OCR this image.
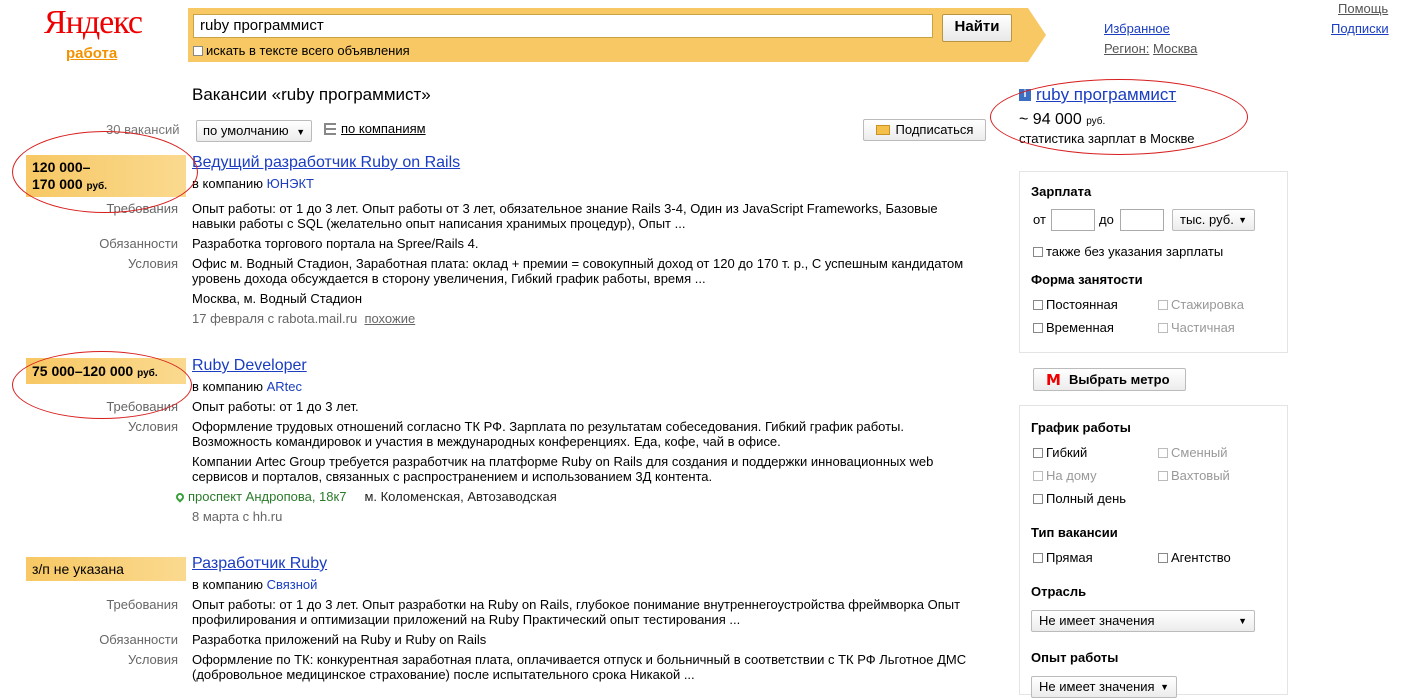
Яндекс
работа
ruby программист	Найти
искать в тексте всего объявления
Избранное
Регион: Москва
Помощь
Подписки
Вакансии «ruby программист»
30 вакансий	по умолчанию ▼	по компаниям	Подписаться
120 000–
170 000 руб.
Ведущий разработчик Ruby on Rails
в компанию ЮНЭКТ
Требования Опыт работы: от 1 до 3 лет. Опыт работы от 3 лет, обязательное знание Rails 3-4, Один из JavaScript Frameworks, Базовые навыки работы с SQL (желательно опыт написания хранимых процедур), Опыт ...
Обязанности Разработка торгового портала на Spree/Rails 4.
Условия Офис м. Водный Стадион, Заработная плата: оклад + премии = совокупный доход от 120 до 170 т. р., С успешным кандидатом уровень дохода обсуждается в сторону увеличения, Гибкий график работы, время ...
Москва, м. Водный Стадион
17 февраля с rabota.mail.ru похожие
75 000–120 000 руб.	Ruby Developer
в компанию ARtec
Требования Опыт работы: от 1 до 3 лет.
Условия Оформление трудовых отношений согласно ТК РФ. Зарплата по результатам собеседования. Гибкий график работы. Возможность командировок и участия в международных конференциях. Еда, кофе, чай в офисе.
Компании Artec Group требуется разработчик на платформе Ruby on Rails для создания и поддержки инновационных web сервисов и порталов, связанных с распространением и использованием 3Д контента.
проспект Андропова, 18к7 м. Коломенская, Автозаводская
8 марта с hh.ru
з/п не указана	Разработчик Ruby
в компанию Связной
Требования Опыт работы: от 1 до 3 лет. Опыт разработки на Ruby on Rails, глубокое понимание внутреннегоустройства фреймворка Опыт профилирования и оптимизации приложений на Ruby Практический опыт тестирования ...
Обязанности Разработка приложений на Ruby и Ruby on Rails
Условия Оформление по ТК: конкурентная заработная плата, оплачивается отпуск и больничный в соответствии с ТК РФ Льготное ДМС (добровольное медицинское страхование) после испытательного срока Никакой ...
i ruby программист
~ 94 000 руб.
статистика зарплат в Москве
Зарплата
от	до	тыс. руб. ▼
также без указания зарплаты
Форма занятости
Постоянная	Стажировка
Временная	Частичная
М Выбрать метро
График работы
Гибкий	Сменный
На дому	Вахтовый
Полный день
Тип вакансии
Прямая	Агентство
Отрасль
Не имеет значения	▼
Опыт работы
Не имеет значения ▼
